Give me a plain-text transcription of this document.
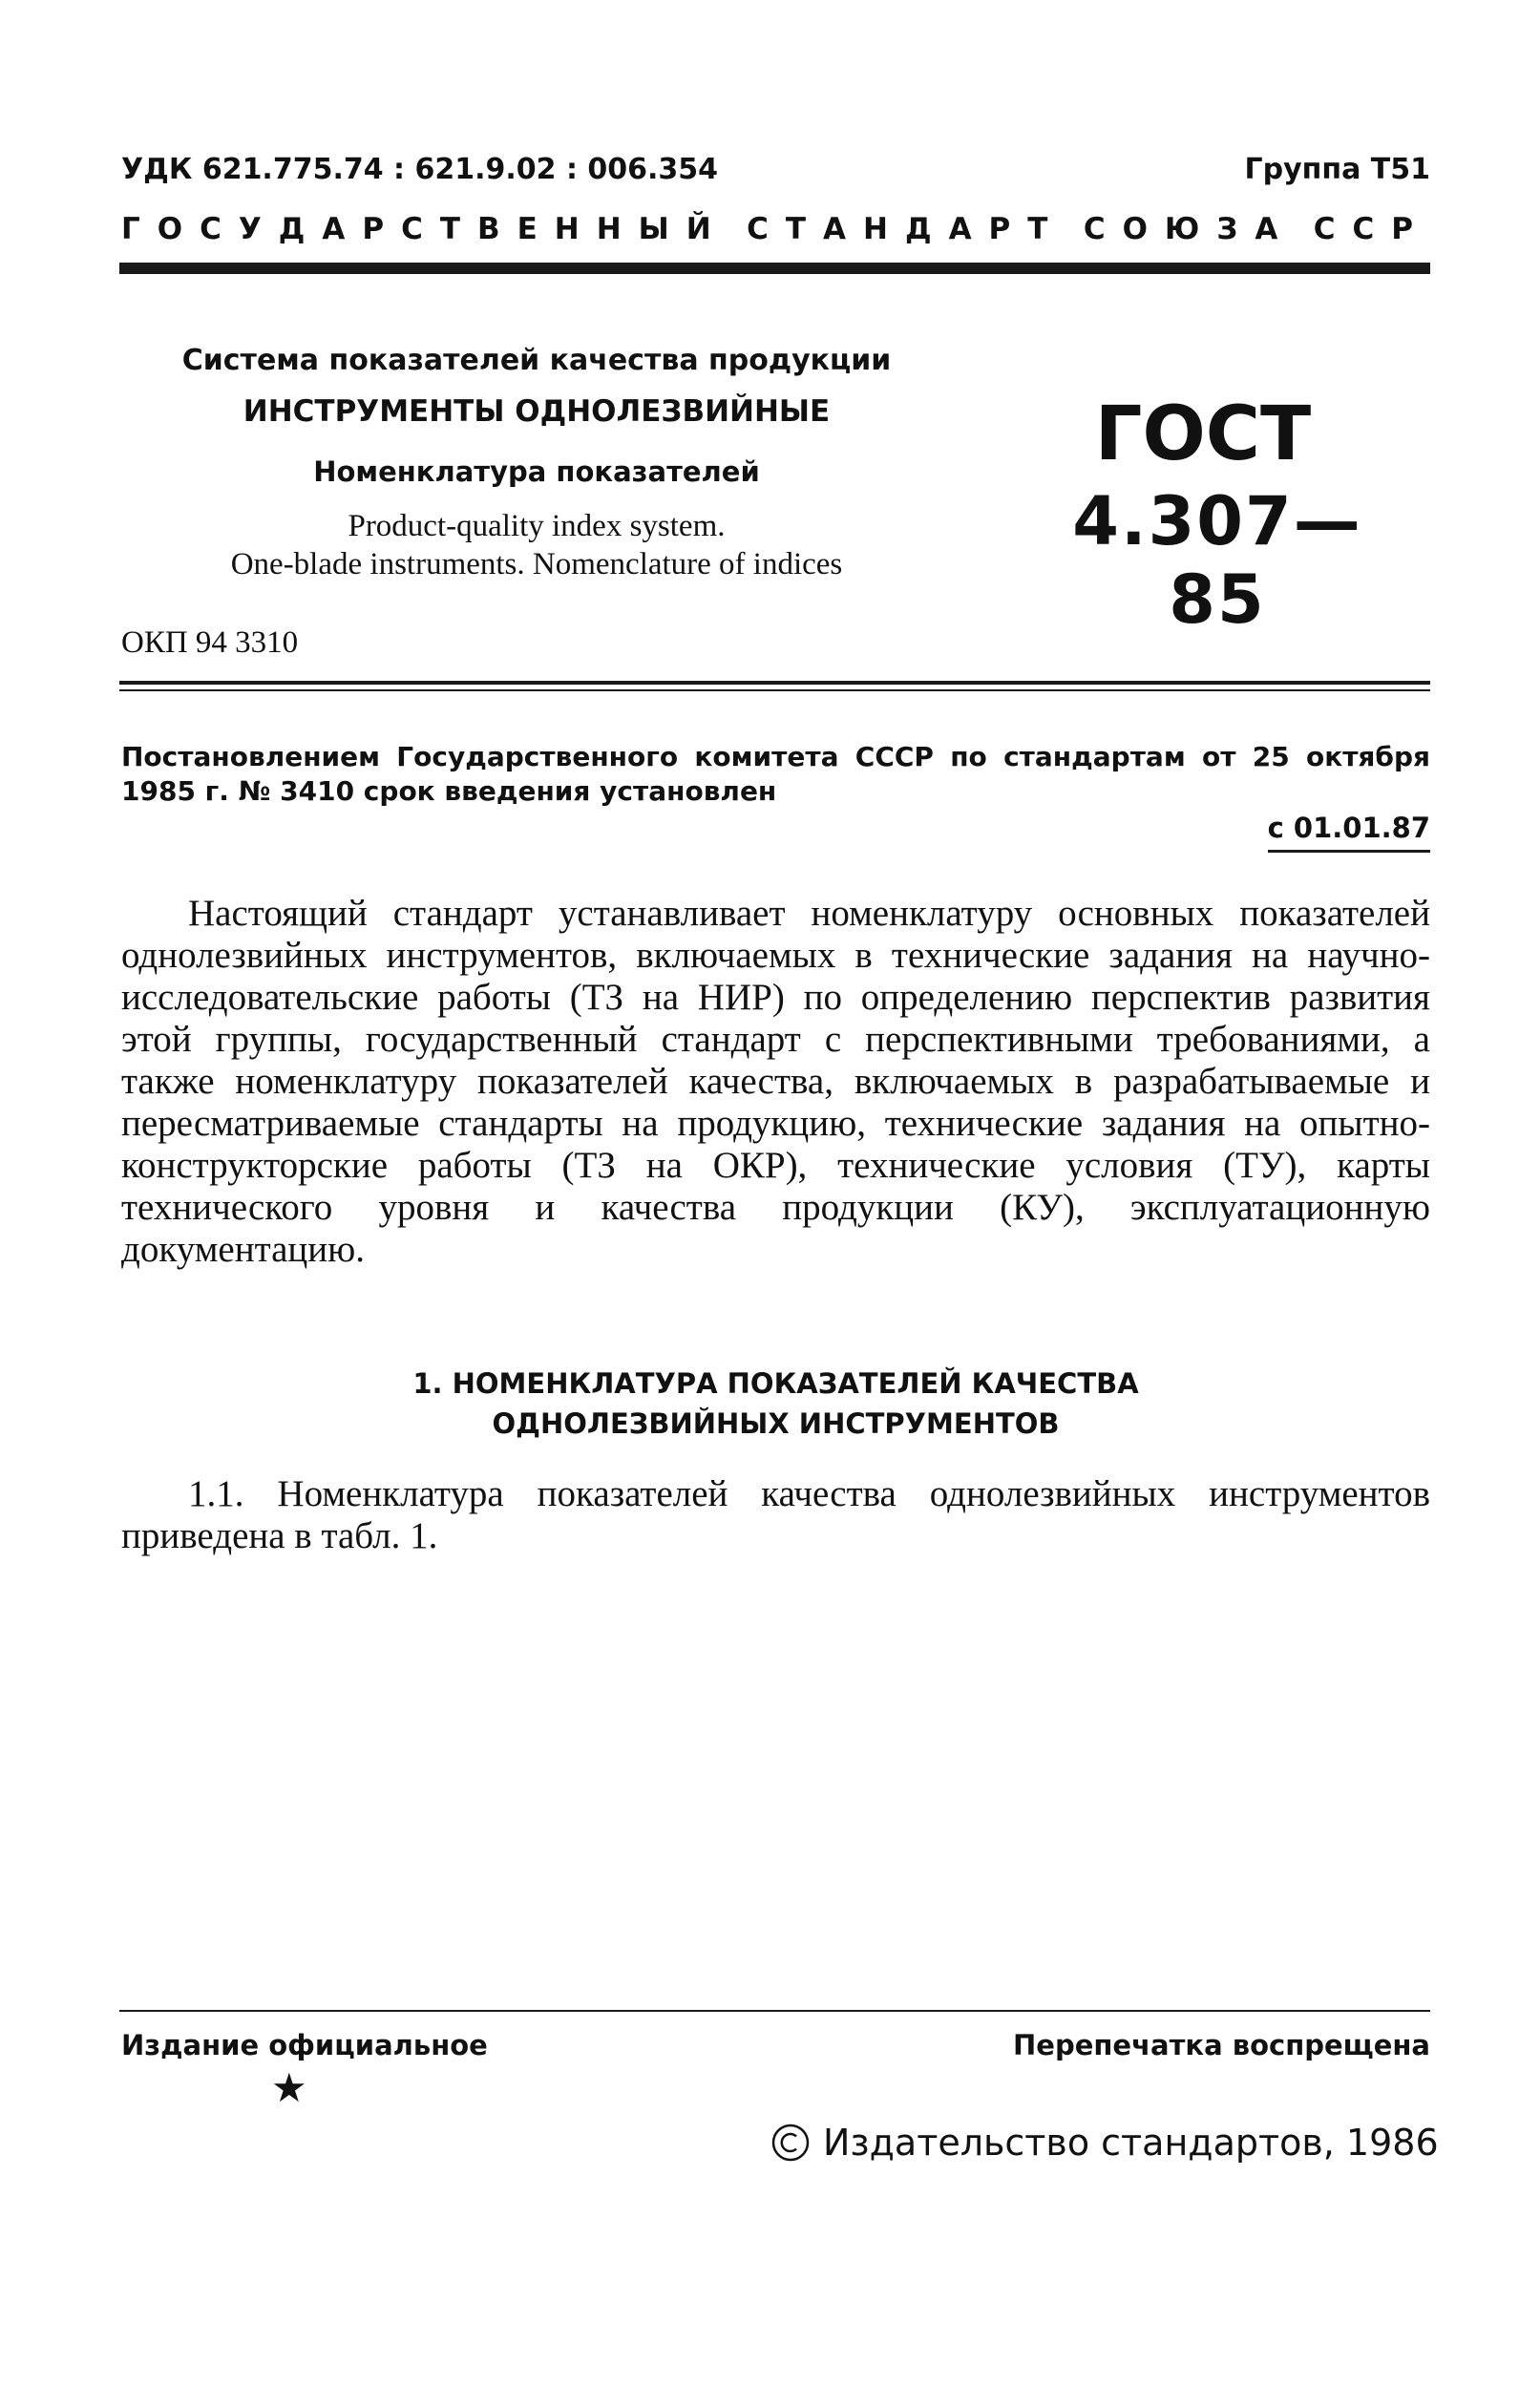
УДК 621.775.74 : 621.9.02 : 006.354	Группа Т51
ГОСУДАРСТВЕННЫЙ СТАНДАРТ СОЮЗА ССР
Система показателей качества продукции
ИНСТРУМЕНТЫ ОДНОЛЕЗВИЙНЫЕ
Номенклатура показателей

Product-quality index system.

One-blade instruments. Nomenclature of indices

ГОСТ
4.307—85
ОКП 94 3310
Постановлением Государственного комитета СССР по стандартам от 25 октября 1985 г. № 3410 срок введения установлен
с 01.01.87

Настоящий стандарт устанавливает номенклатуру основных показателей однолезвийных инструментов, включаемых в технические задания на научно-исследовательские работы (ТЗ на НИР) по определению перспектив развития этой группы, государственный стандарт с перспективными требованиями, а также номенклатуру показателей качества, включаемых в разрабатываемые и пересматриваемые стандарты на продукцию, технические задания на опытно-конструкторские работы (ТЗ на ОКР), технические условия (ТУ), карты технического уровня и качества продукции (КУ), эксплуатационную документацию.

1. НОМЕНКЛАТУРА ПОКАЗАТЕЛЕЙ КАЧЕСТВА
ОДНОЛЕЗВИЙНЫХ ИНСТРУМЕНТОВ

1.1. Номенклатура показателей качества однолезвийных инструментов приведена в табл. 1.

Издание официальное	Перепечатка воспрещена
★
Издательство стандартов, 1986
